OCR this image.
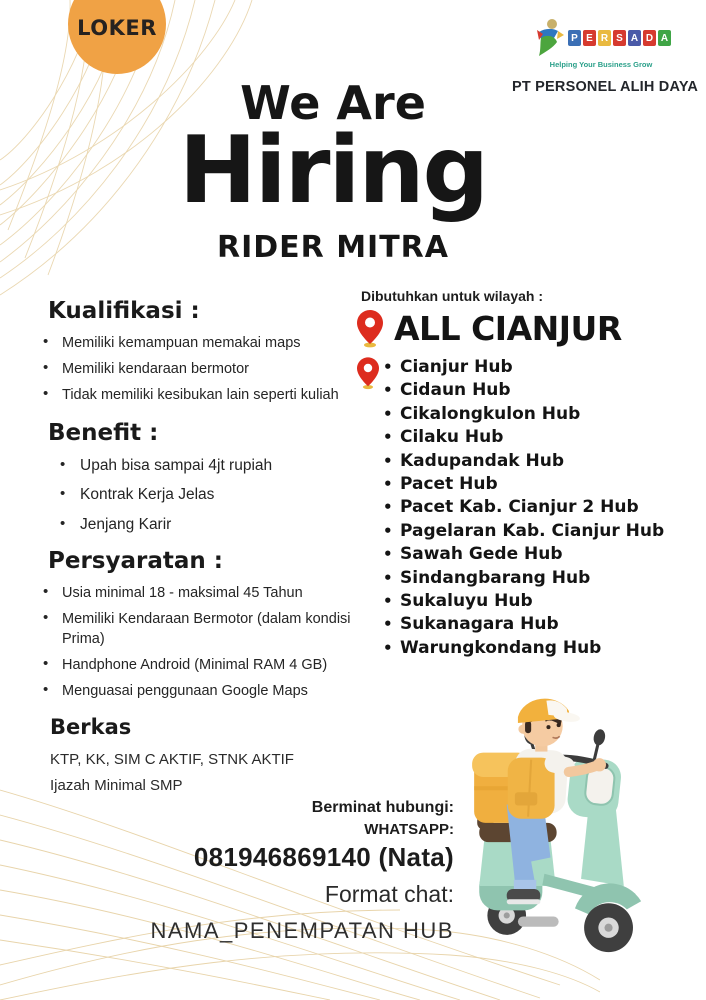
LOKER	P E R S A D A
Helping Your Business Grow
PT PERSONEL ALIH DAYA
We Are
Hiring
RIDER MITRA
Kualifikasi :
• Memiliki kemampuan memakai maps
• Memiliki kendaraan bermotor
• Tidak memiliki kesibukan lain seperti kuliah
Benefit :
• Upah bisa sampai 4jt rupiah
• Kontrak Kerja Jelas
• Jenjang Karir
Persyaratan :
• Usia minimal 18 - maksimal 45 Tahun
• Memiliki Kendaraan Bermotor (dalam kondisi Prima)
• Handphone Android (Minimal RAM 4 GB)
• Menguasai penggunaan Google Maps
Berkas
KTP, KK, SIM C AKTIF, STNK AKTIF
Ijazah Minimal SMP
Dibutuhkan untuk wilayah :
ALL CIANJUR
• Cianjur Hub
• Cidaun Hub
• Cikalongkulon Hub
• Cilaku Hub
• Kadupandak Hub
• Pacet Hub
• Pacet Kab. Cianjur 2 Hub
• Pagelaran Kab. Cianjur Hub
• Sawah Gede Hub
• Sindangbarang Hub
• Sukaluyu Hub
• Sukanagara Hub
• Warungkondang Hub
Berminat hubungi:
WHATSAPP:
081946869140 (Nata)
Format chat:
NAMA_PENEMPATAN HUB
